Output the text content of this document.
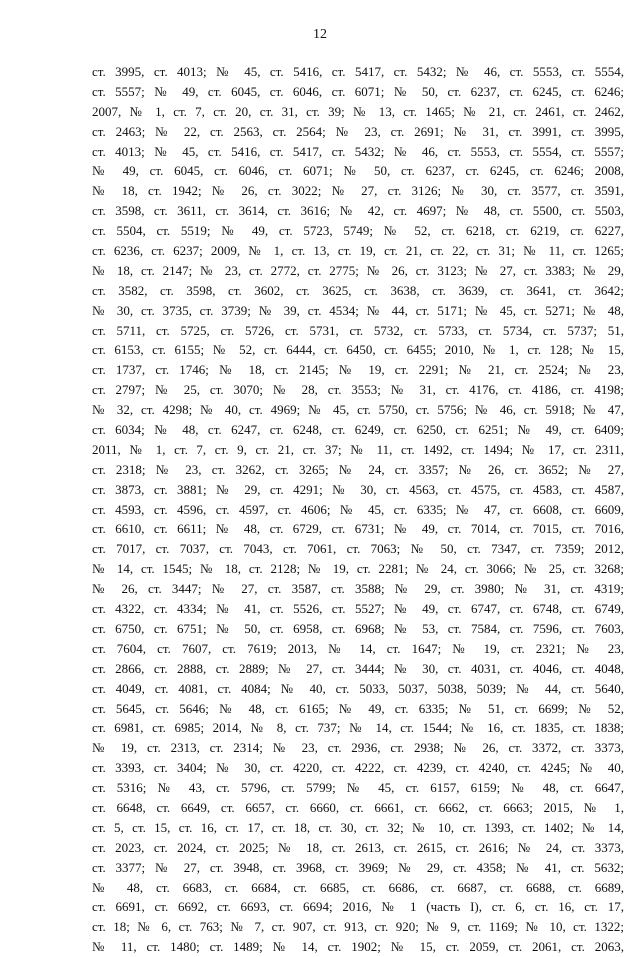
12
ст. 3995, ст. 4013; № 45, ст. 5416, ст. 5417, ст. 5432; № 46, ст. 5553, ст. 5554,
ст. 5557; № 49, ст. 6045, ст. 6046, ст. 6071; № 50, ст. 6237, ст. 6245, ст. 6246;
2007, № 1, ст. 7, ст. 20, ст. 31, ст. 39; № 13, ст. 1465; № 21, ст. 2461, ст. 2462,
ст. 2463; № 22, ст. 2563, ст. 2564; № 23, ст. 2691; № 31, ст. 3991, ст. 3995,
ст. 4013; № 45, ст. 5416, ст. 5417, ст. 5432; № 46, ст. 5553, ст. 5554, ст. 5557;
№ 49, ст. 6045, ст. 6046, ст. 6071; № 50, ст. 6237, ст. 6245, ст. 6246; 2008,
№ 18, ст. 1942; № 26, ст. 3022; № 27, ст. 3126; № 30, ст. 3577, ст. 3591,
ст. 3598, ст. 3611, ст. 3614, ст. 3616; № 42, ст. 4697; № 48, ст. 5500, ст. 5503,
ст. 5504, ст. 5519; № 49, ст. 5723, 5749; № 52, ст. 6218, ст. 6219, ст. 6227,
ст. 6236, ст. 6237; 2009, № 1, ст. 13, ст. 19, ст. 21, ст. 22, ст. 31; № 11, ст. 1265;
№ 18, ст. 2147; № 23, ст. 2772, ст. 2775; № 26, ст. 3123; № 27, ст. 3383; № 29,
ст. 3582, ст. 3598, ст. 3602, ст. 3625, ст. 3638, ст. 3639, ст. 3641, ст. 3642;
№ 30, ст. 3735, ст. 3739; № 39, ст. 4534; № 44, ст. 5171; № 45, ст. 5271; № 48,
ст. 5711, ст. 5725, ст. 5726, ст. 5731, ст. 5732, ст. 5733, ст. 5734, ст. 5737; 51,
ст. 6153, ст. 6155; № 52, ст. 6444, ст. 6450, ст. 6455; 2010, № 1, ст. 128; № 15,
ст. 1737, ст. 1746; № 18, ст. 2145; № 19, ст. 2291; № 21, ст. 2524; № 23,
ст. 2797; № 25, ст. 3070; № 28, ст. 3553; № 31, ст. 4176, ст. 4186, ст. 4198;
№ 32, ст. 4298; № 40, ст. 4969; № 45, ст. 5750, ст. 5756; № 46, ст. 5918; № 47,
ст. 6034; № 48, ст. 6247, ст. 6248, ст. 6249, ст. 6250, ст. 6251; № 49, ст. 6409;
2011, № 1, ст. 7, ст. 9, ст. 21, ст. 37; № 11, ст. 1492, ст. 1494; № 17, ст. 2311,
ст. 2318; № 23, ст. 3262, ст. 3265; № 24, ст. 3357; № 26, ст. 3652; № 27,
ст. 3873, ст. 3881; № 29, ст. 4291; № 30, ст. 4563, ст. 4575, ст. 4583, ст. 4587,
ст. 4593, ст. 4596, ст. 4597, ст. 4606; № 45, ст. 6335; № 47, ст. 6608, ст. 6609,
ст. 6610, ст. 6611; № 48, ст. 6729, ст. 6731; № 49, ст. 7014, ст. 7015, ст. 7016,
ст. 7017, ст. 7037, ст. 7043, ст. 7061, ст. 7063; № 50, ст. 7347, ст. 7359; 2012,
№ 14, ст. 1545; № 18, ст. 2128; № 19, ст. 2281; № 24, ст. 3066; № 25, ст. 3268;
№ 26, ст. 3447; № 27, ст. 3587, ст. 3588; № 29, ст. 3980; № 31, ст. 4319;
ст. 4322, ст. 4334; № 41, ст. 5526, ст. 5527; № 49, ст. 6747, ст. 6748, ст. 6749,
ст. 6750, ст. 6751; № 50, ст. 6958, ст. 6968; № 53, ст. 7584, ст. 7596, ст. 7603,
ст. 7604, ст. 7607, ст. 7619; 2013, № 14, ст. 1647; № 19, ст. 2321; № 23,
ст. 2866, ст. 2888, ст. 2889; № 27, ст. 3444; № 30, ст. 4031, ст. 4046, ст. 4048,
ст. 4049, ст. 4081, ст. 4084; № 40, ст. 5033, 5037, 5038, 5039; № 44, ст. 5640,
ст. 5645, ст. 5646; № 48, ст. 6165; № 49, ст. 6335; № 51, ст. 6699; № 52,
ст. 6981, ст. 6985; 2014, № 8, ст. 737; № 14, ст. 1544; № 16, ст. 1835, ст. 1838;
№ 19, ст. 2313, ст. 2314; № 23, ст. 2936, ст. 2938; № 26, ст. 3372, ст. 3373,
ст. 3393, ст. 3404; № 30, ст. 4220, ст. 4222, ст. 4239, ст. 4240, ст. 4245; № 40,
ст. 5316; № 43, ст. 5796, ст. 5799; № 45, ст. 6157, 6159; № 48, ст. 6647,
ст. 6648, ст. 6649, ст. 6657, ст. 6660, ст. 6661, ст. 6662, ст. 6663; 2015, № 1,
ст. 5, ст. 15, ст. 16, ст. 17, ст. 18, ст. 30, ст. 32; № 10, ст. 1393, ст. 1402; № 14,
ст. 2023, ст. 2024, ст. 2025; № 18, ст. 2613, ст. 2615, ст. 2616; № 24, ст. 3373,
ст. 3377; № 27, ст. 3948, ст. 3968, ст. 3969; № 29, ст. 4358; № 41, ст. 5632;
№ 48, ст. 6683, ст. 6684, ст. 6685, ст. 6686, ст. 6687, ст. 6688, ст. 6689,
ст. 6691, ст. 6692, ст. 6693, ст. 6694; 2016, № 1 (часть I), ст. 6, ст. 16, ст. 17,
ст. 18; № 6, ст. 763; № 7, ст. 907, ст. 913, ст. 920; № 9, ст. 1169; № 10, ст. 1322;
№ 11, ст. 1480; ст. 1489; № 14, ст. 1902; № 15, ст. 2059, ст. 2061, ст. 2063,
